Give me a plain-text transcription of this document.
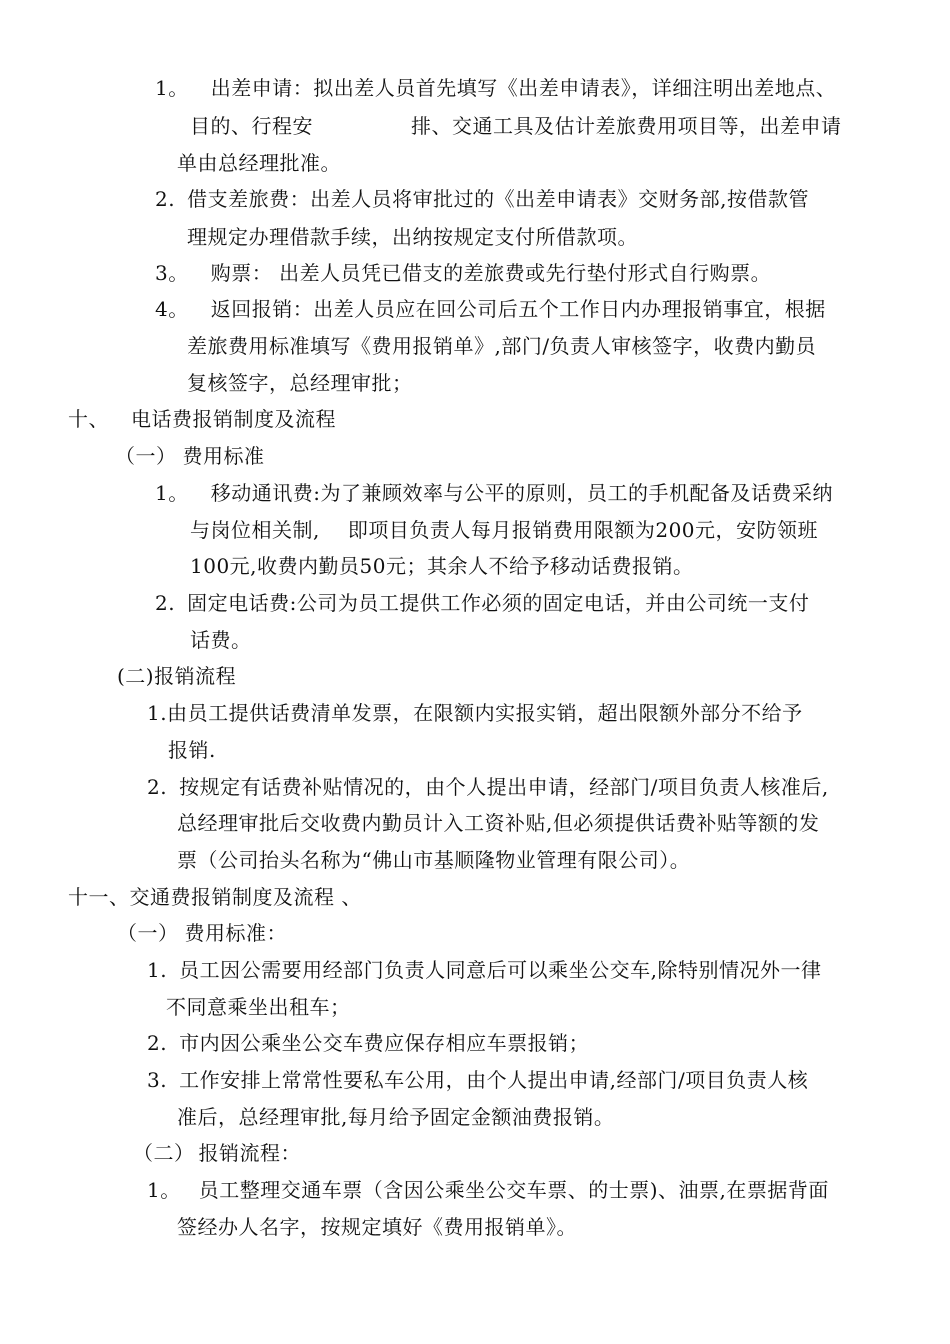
1。 出差申请：拟出差人员首先填写《出差申请表》，详细注明出差地点、
目的、行程安	排、交通工具及估计差旅费用项目等，出差申请
单由总经理批准。
2. 借支差旅费：出差人员将审批过的《出差申请表》交财务部,按借款管
理规定办理借款手续，出纳按规定支付所借款项。
3。 购票： 出差人员凭已借支的差旅费或先行垫付形式自行购票。
4。 返回报销：出差人员应在回公司后五个工作日内办理报销事宜，根据
差旅费用标准填写《费用报销单》,部门/负责人审核签字，收费内勤员
复核签字，总经理审批；
十、 电话费报销制度及流程
（一） 费用标准
1。 移动通讯费:为了兼顾效率与公平的原则，员工的手机配备及话费采纳
与岗位相关制, 即项目负责人每月报销费用限额为200元，安防领班
100元,收费内勤员50元；其余人不给予移动话费报销。
2. 固定电话费:公司为员工提供工作必须的固定电话，并由公司统一支付
话费。
(二)报销流程
1.由员工提供话费清单发票，在限额内实报实销，超出限额外部分不给予
报销.
2. 按规定有话费补贴情况的，由个人提出申请，经部门/项目负责人核准后,
总经理审批后交收费内勤员计入工资补贴,但必须提供话费补贴等额的发
票（公司抬头名称为“佛山市基顺隆物业管理有限公司）。
十一、交通费报销制度及流程 、
（一） 费用标准：
1. 员工因公需要用经部门负责人同意后可以乘坐公交车,除特别情况外一律
不同意乘坐出租车；
2. 市内因公乘坐公交车费应保存相应车票报销；
3. 工作安排上常常性要私车公用，由个人提出申请,经部门/项目负责人核
准后，总经理审批,每月给予固定金额油费报销。
（二） 报销流程：
1。 员工整理交通车票（含因公乘坐公交车票、的士票)、油票,在票据背面
签经办人名字，按规定填好《费用报销单》。
